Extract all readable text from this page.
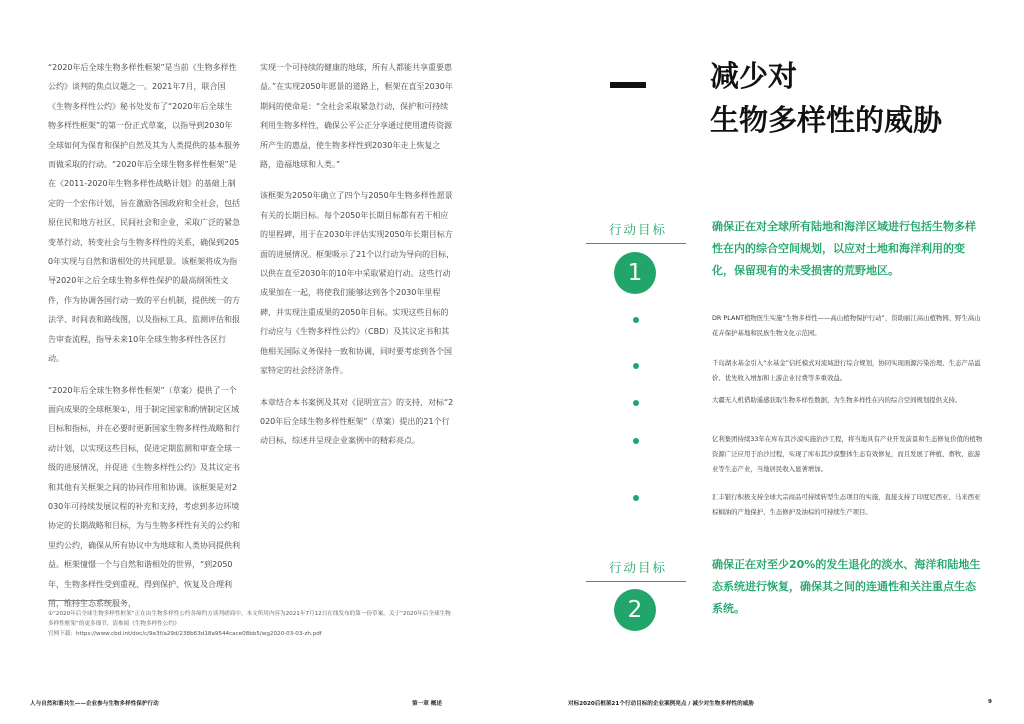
“2020年后全球生物多样性框架”是当前《生物多样性公约》谈判的焦点议题之一。2021年7月，联合国《生物多样性公约》秘书处发布了“2020年后全球生物多样性框架”的第一份正式草案，以指导到2030年全球如何为保育和保护自然及其为人类提供的基本服务而做采取的行动。“2020年后全球生物多样性框架”是在《2011-2020年生物多样性战略计划》的基础上制定的一个宏伟计划，旨在激励各国政府和全社会，包括原住民和地方社区、民间社会和企业，采取广泛的紧急变革行动，转变社会与生物多样性的关系，确保到2050年实现与自然和谐相处的共同愿景。该框架将成为指导2020年之后全球生物多样性保护的最高纲领性文件，作为协调各国行动一致的平台机制，提供统一的方法学、时间表和路线图，以及指标工具、监测评估和报告审查流程，指导未来10年全球生物多样性各区行动。

“2020年后全球生物多样性框架”（草案）提供了一个面向成果的全球框架①，用于制定国家和酌情制定区域目标和指标，并在必要时更新国家生物多样性战略和行动计划，以实现这些目标，促进定期监测和审查全球一级的进展情况，并促进《生物多样性公约》及其议定书和其他有关框架之间的协同作用和协调。该框架是对2030年可持续发展议程的补充和支持，考虑到多边环境协定的长期战略和目标，为与生物多样性有关的公约和里约公约，确保从所有协议中为地球和人类协同提供利益。框架憧憬一个与自然和谐相处的世界，“到2050年，生物多样性受到重视、得到保护、恢复及合理利用，维持生态系统服务，

实现一个可持续的健康的地球，所有人都能共享重要惠益。”在实现2050年愿景的道路上，框架在直至2030年期间的使命是：“全社会采取紧急行动，保护和可持续利用生物多样性，确保公平公正分享通过使用遗传资源所产生的惠益，使生物多样性到2030年走上恢复之路，造福地球和人类。”

该框架为2050年确立了四个与2050年生物多样性愿景有关的长期目标。每个2050年长期目标都有若干相应的里程碑，用于在2030年评估实现2050年长期目标方面的进展情况。框架吸示了21个以行动为导向的目标，以供在直至2030年的10年中采取紧迫行动。这些行动成果加在一起，将使我们能够达到各个2030年里程碑，并实现注重成果的2050年目标。实现这些目标的行动应与《生物多样性公约》（CBD）及其议定书和其他相关国际义务保持一致和协调，同时要考虑到各个国家特定的社会经济条件。

本章结合本书案例及其对《昆明宣言》的支持，对标“2020年后全球生物多样性框架”（草案）提出的21个行动目标，综述并呈现企业案例中的精彩亮点。

①“2020年后全球生物多样性框架”正在由生物多样性公约各缔约方谈判磋商中，本文所用内容为2021年7月12日在线发布的第一份草案。关于“2020年后全球生物多样性框架”的更多细节，请参阅《生物多样性公约》

官网下载：https://www.cbd.int/doc/c/9e3f/a29d/238b63d18a9544cace08bb5/wg2020-03-03-zh.pdf

人与自然和谐共生——企业参与生物多样性保护行动	第一章 概述
减少对
生物多样性的威胁
行动目标
1
确保正在对全球所有陆地和海洋区域进行包括生物多样性在内的综合空间规划，以应对土地和海洋利用的变化，保留现有的未受损害的荒野地区。
DR PLANT植物医生实施“生物多样性——高山植物保护行动”，资助丽江高山植物园、野生高山花卉保护基地和民族生物文化示范园。
千岛湖水基金引入“水基金”信托模式对流域进行综合规划，协同实现面源污染治理、生态产品溢价、优先收入增加和上游企业付费等多重效益。
大疆无人机借助遥感获取生物多样性数据，为生物多样性在内的综合空间规划提供支持。
亿利集团持续33年在库布其沙漠实施治沙工程，将当地具有产业开发前景和生态修复价值的植物资源广泛应用于治沙过程，实现了库布其沙漠整体生态有效修复，而且发展了种植、畜牧、旅游业等生态产业，当地居民收入显著增加。
汇丰银行积极支持全球大宗商品可持续转型生态项目的实施，直接支持了印度尼西亚、马来西亚棕榈油的产地保护、生态修护及油棕的可持续生产项目。
行动目标
2
确保正在对至少20%的发生退化的淡水、海洋和陆地生态系统进行恢复，确保其之间的连通性和关注重点生态系统。
对标2020后框架21个行动目标的企业案例亮点 / 减少对生物多样性的威胁	9
